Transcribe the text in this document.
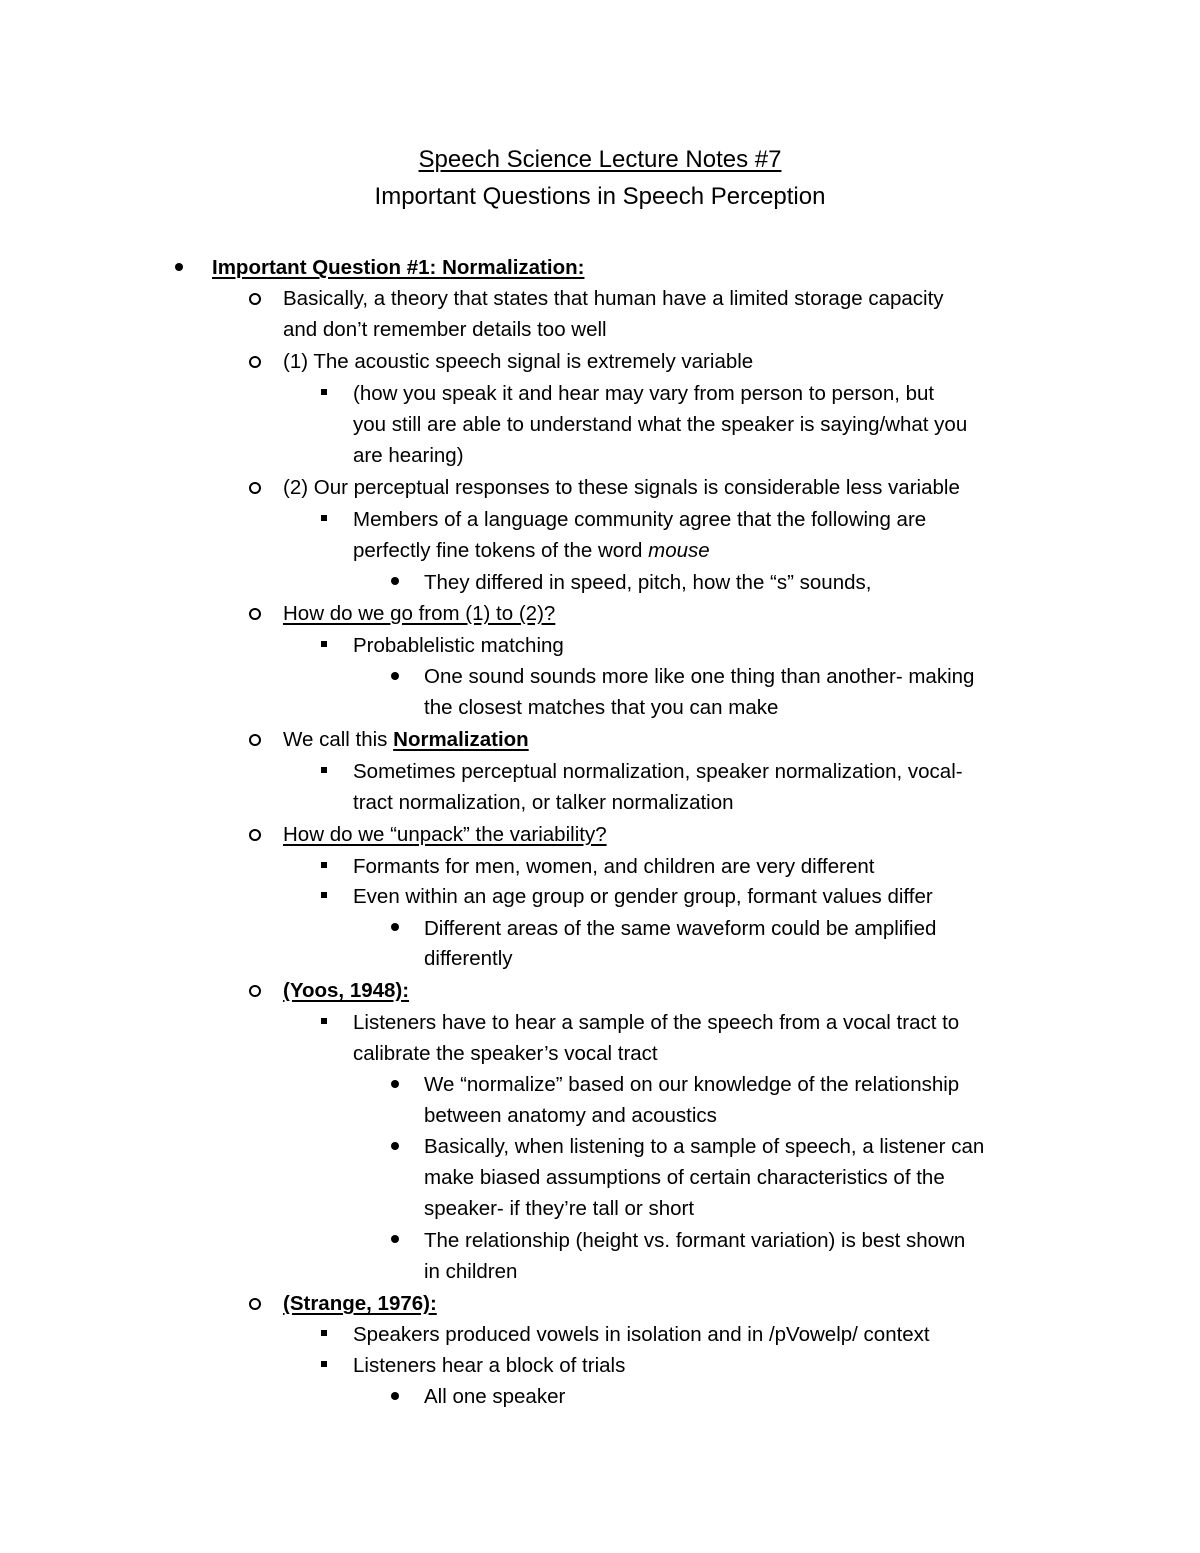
Speech Science Lecture Notes #7
Important Questions in Speech Perception
Important Question #1: Normalization:
Basically, a theory that states that human have a limited storage capacity
and don’t remember details too well
(1) The acoustic speech signal is extremely variable
(how you speak it and hear may vary from person to person, but
you still are able to understand what the speaker is saying/what you
are hearing)
(2) Our perceptual responses to these signals is considerable less variable
Members of a language community agree that the following are
perfectly fine tokens of the word mouse
They differed in speed, pitch, how the “s” sounds,
How do we go from (1) to (2)?
Probablelistic matching
One sound sounds more like one thing than another- making
the closest matches that you can make
We call this Normalization
Sometimes perceptual normalization, speaker normalization, vocal-
tract normalization, or talker normalization
How do we “unpack” the variability?
Formants for men, women, and children are very different
Even within an age group or gender group, formant values differ
Different areas of the same waveform could be amplified
differently
(Yoos, 1948):
Listeners have to hear a sample of the speech from a vocal tract to
calibrate the speaker’s vocal tract
We “normalize” based on our knowledge of the relationship
between anatomy and acoustics
Basically, when listening to a sample of speech, a listener can
make biased assumptions of certain characteristics of the
speaker- if they’re tall or short
The relationship (height vs. formant variation) is best shown
in children
(Strange, 1976):
Speakers produced vowels in isolation and in /pVowelp/ context
Listeners hear a block of trials
All one speaker
